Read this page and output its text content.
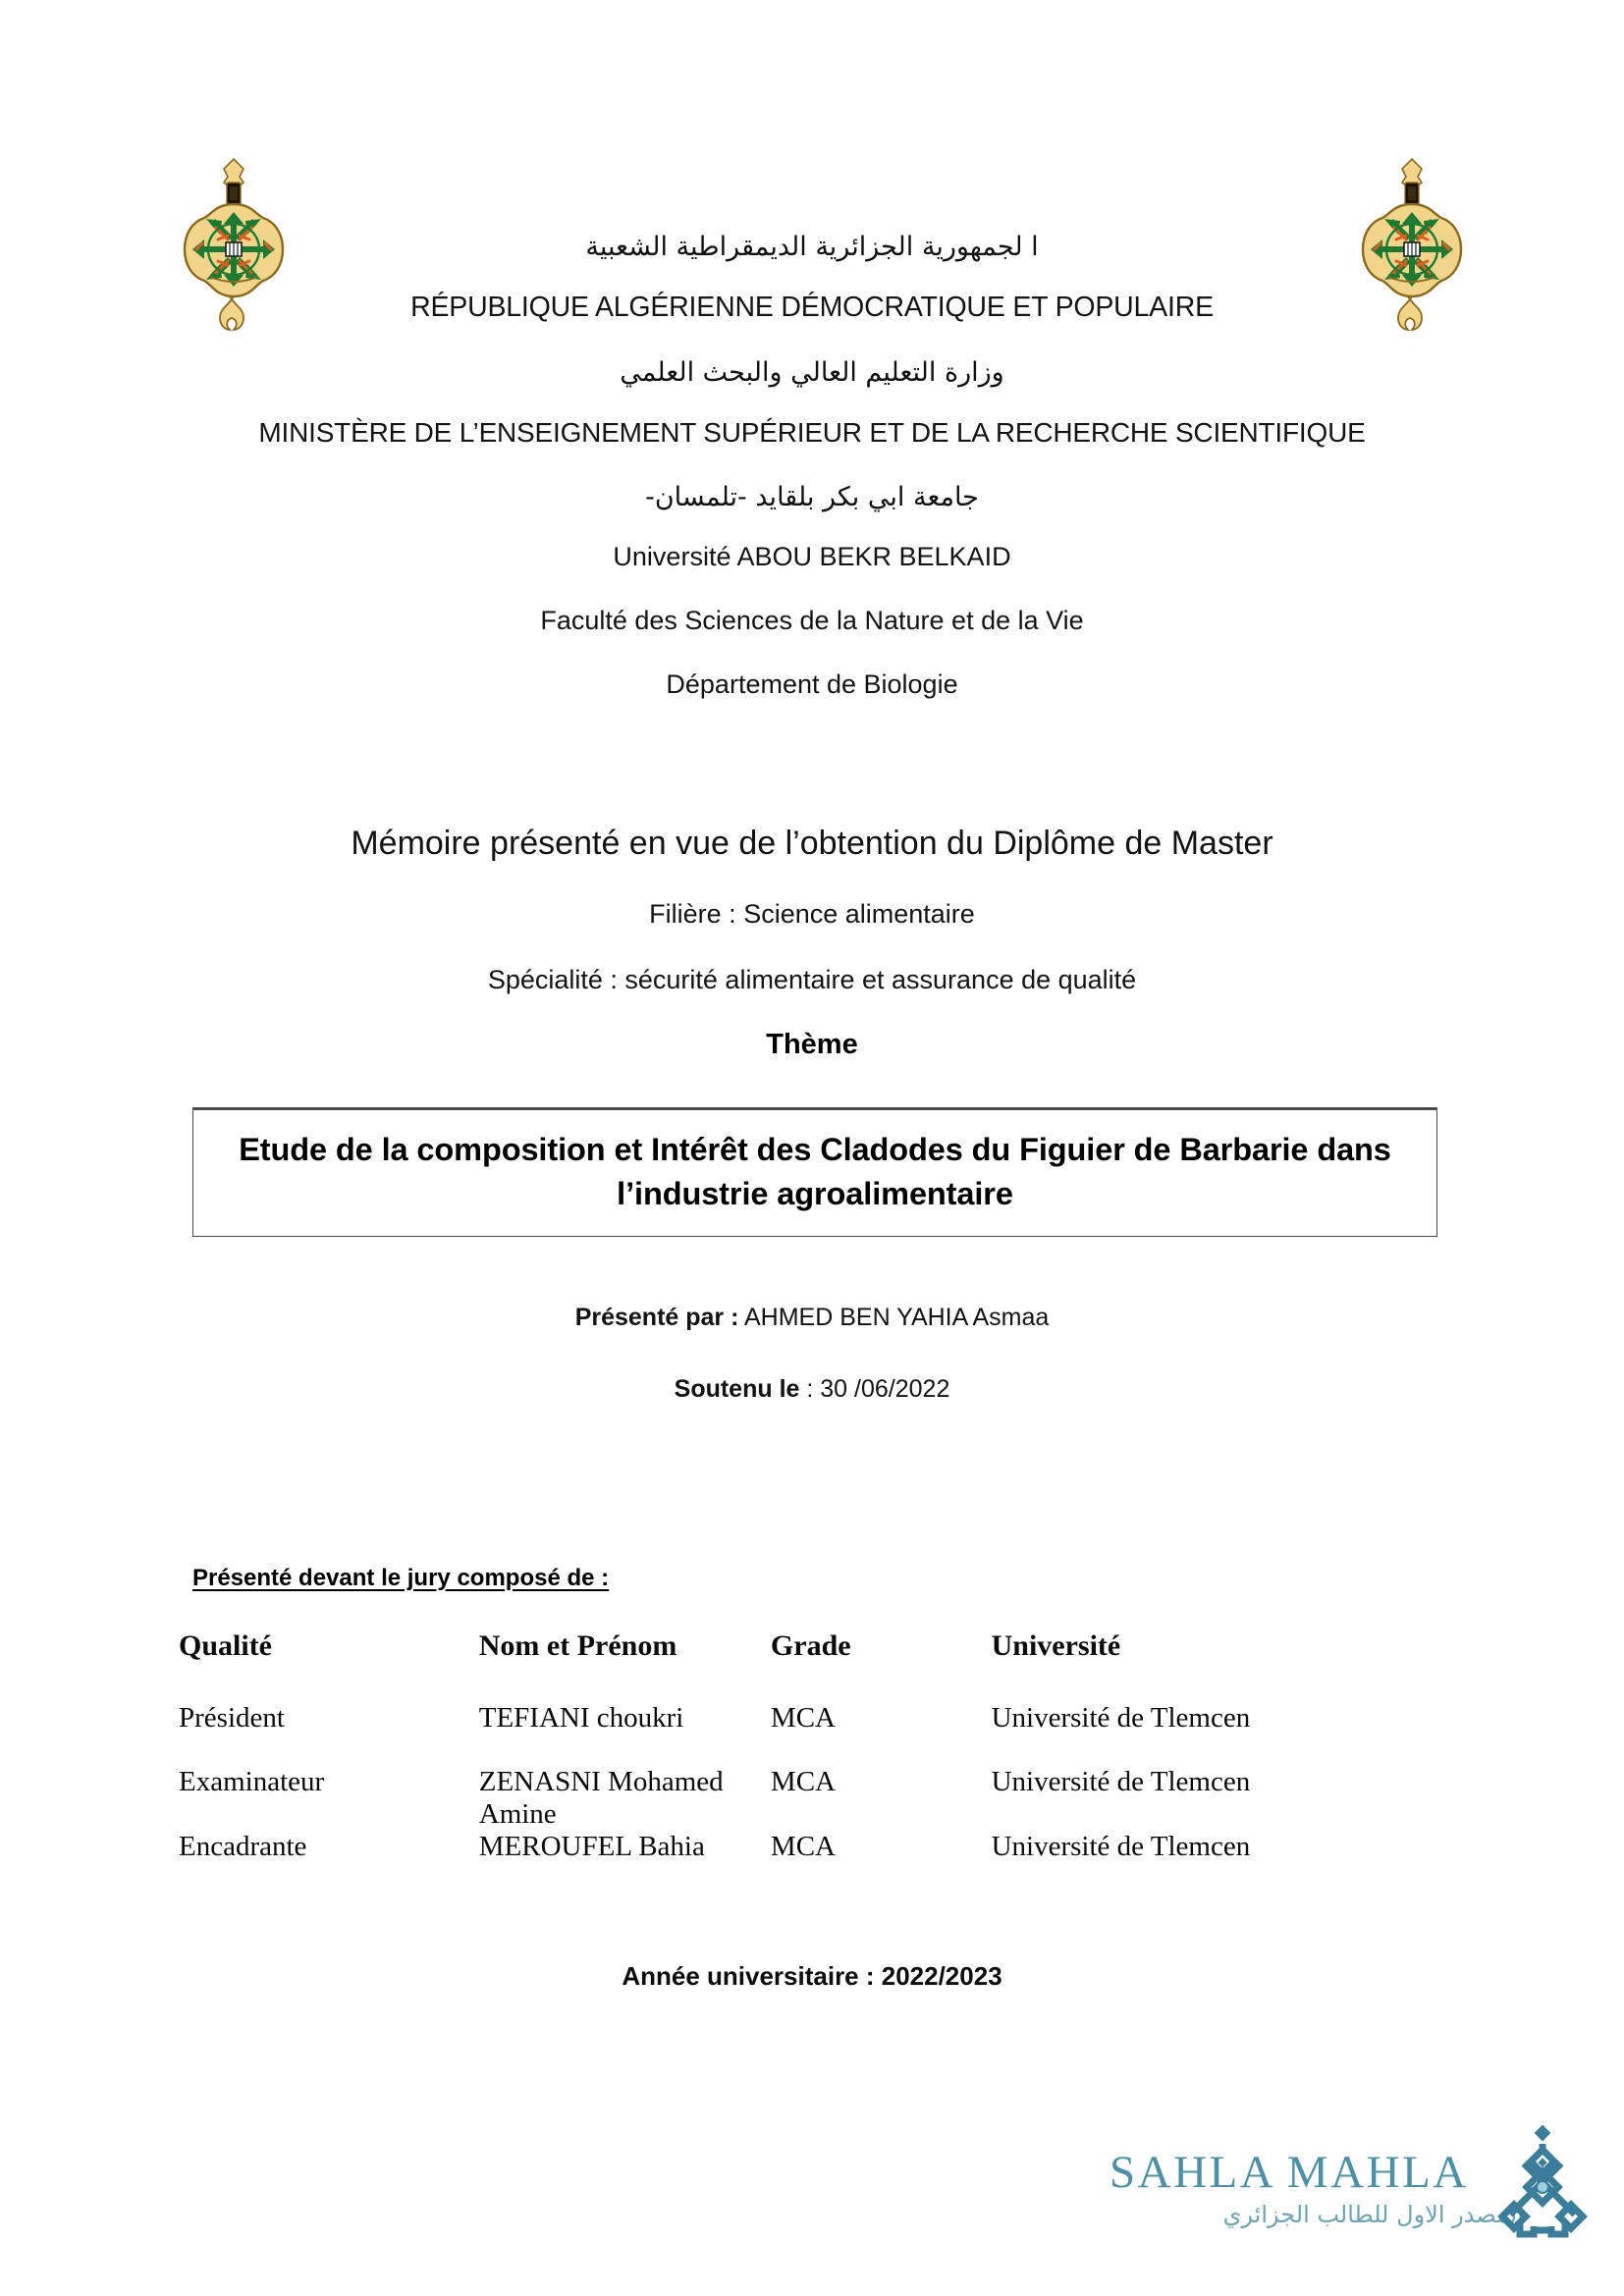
ا لجمهورية الجزائرية الديمقراطية الشعبية

RÉPUBLIQUE ALGÉRIENNE DÉMOCRATIQUE ET POPULAIRE

وزارة التعليم العالي والبحث العلمي

MINISTÈRE DE L’ENSEIGNEMENT SUPÉRIEUR ET DE LA RECHERCHE SCIENTIFIQUE

جامعة ابي بكر بلقايد -تلمسان-

Université ABOU BEKR BELKAID

Faculté des Sciences de la Nature et de la Vie

Département de Biologie

Mémoire présenté en vue de l’obtention du Diplôme de Master

Filière : Science alimentaire

Spécialité : sécurité alimentaire et assurance de qualité

Thème
Etude de la composition et Intérêt des Cladodes du Figuier de Barbarie dans l’industrie agroalimentaire
Présenté par : AHMED BEN YAHIA Asmaa
Soutenu le : 30 /06/2022
Présenté devant le jury composé de :
Qualité	Nom et Prénom	Grade	Université
Président	TEFIANI choukri	MCA	Université de Tlemcen
Examinateur	ZENASNI Mohamed Amine	MCA	Université de Tlemcen
Encadrante	MEROUFEL Bahia	MCA	Université de Tlemcen
Année universitaire : 2022/2023
SAHLA MAHLA
المصدر الاول للطالب الجزائري
